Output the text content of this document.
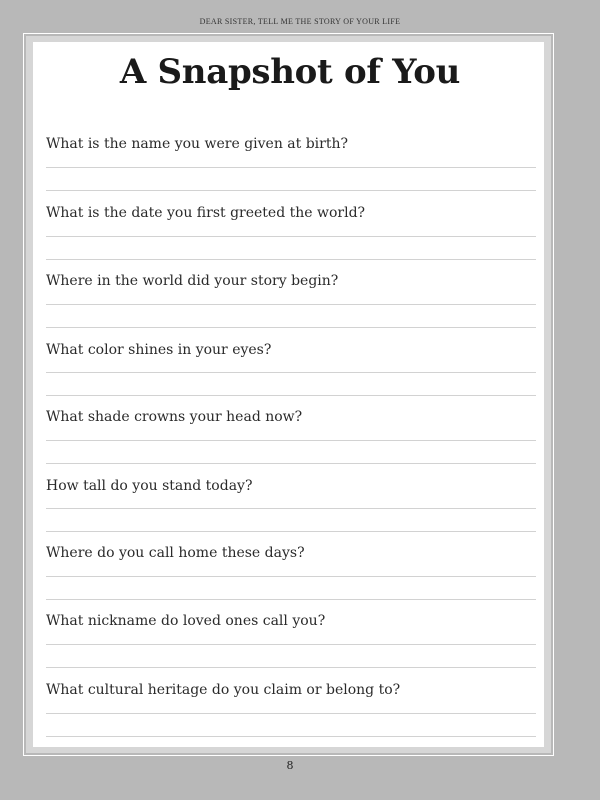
DEAR SISTER, TELL ME THE STORY OF YOUR LIFE
A Snapshot of You
What is the name you were given at birth?
What is the date you first greeted the world?
Where in the world did your story begin?
What color shines in your eyes?
What shade crowns your head now?
How tall do you stand today?
Where do you call home these days?
What nickname do loved ones call you?
What cultural heritage do you claim or belong to?
8
